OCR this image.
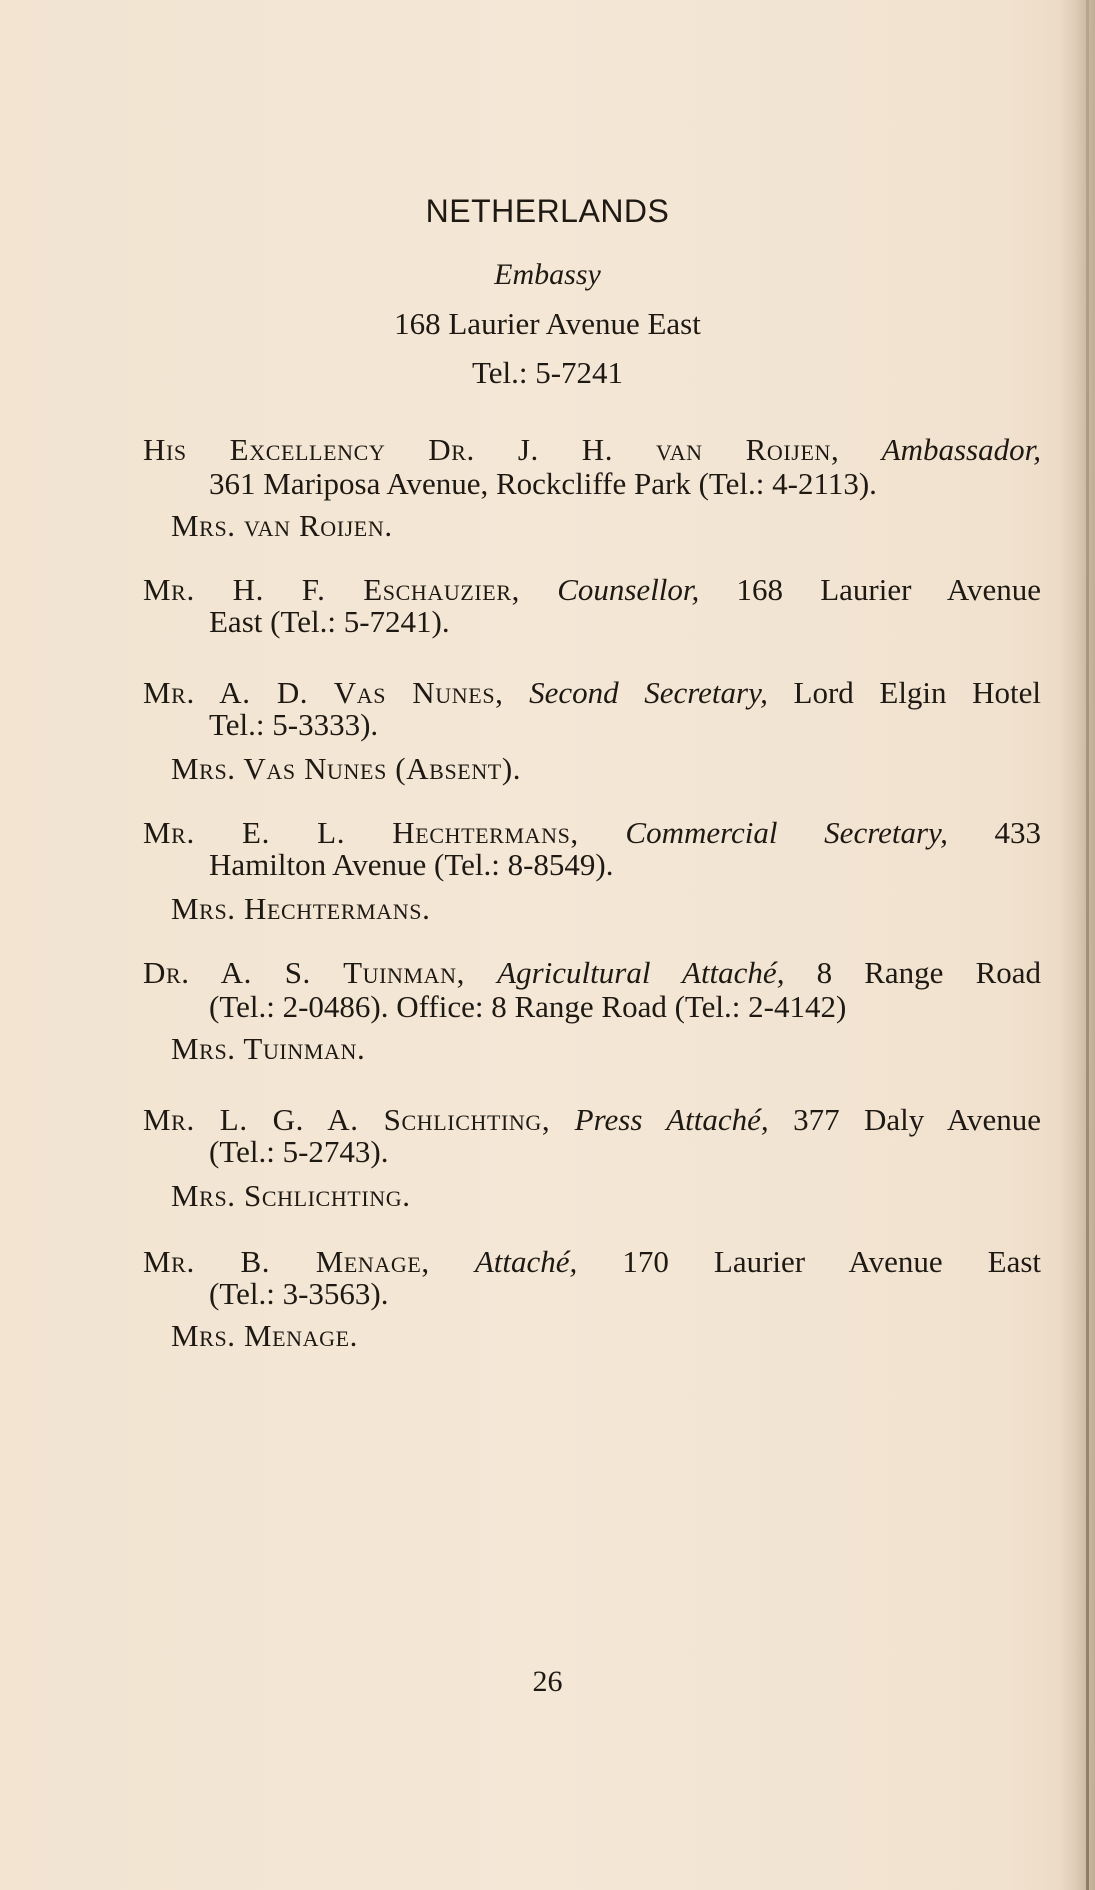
NETHERLANDS
Embassy
168 Laurier Avenue East
Tel.: 5-7241
His Excellency Dr. J. H. van Roijen, Ambassador,
361 Mariposa Avenue, Rockcliffe Park (Tel.: 4-2113).
Mrs. van Roijen.
Mr. H. F. Eschauzier, Counsellor, 168 Laurier Avenue
East (Tel.: 5-7241).
Mr. A. D. Vas Nunes, Second Secretary, Lord Elgin Hotel
Tel.: 5-3333).
Mrs. Vas Nunes (Absent).
Mr. E. L. Hechtermans, Commercial Secretary, 433
Hamilton Avenue (Tel.: 8-8549).
Mrs. Hechtermans.
Dr. A. S. Tuinman, Agricultural Attaché, 8 Range Road
(Tel.: 2-0486). Office: 8 Range Road (Tel.: 2-4142)
Mrs. Tuinman.
Mr. L. G. A. Schlichting, Press Attaché, 377 Daly Avenue
(Tel.: 5-2743).
Mrs. Schlichting.
Mr. B. Menage, Attaché, 170 Laurier Avenue East
(Tel.: 3-3563).
Mrs. Menage.
26
